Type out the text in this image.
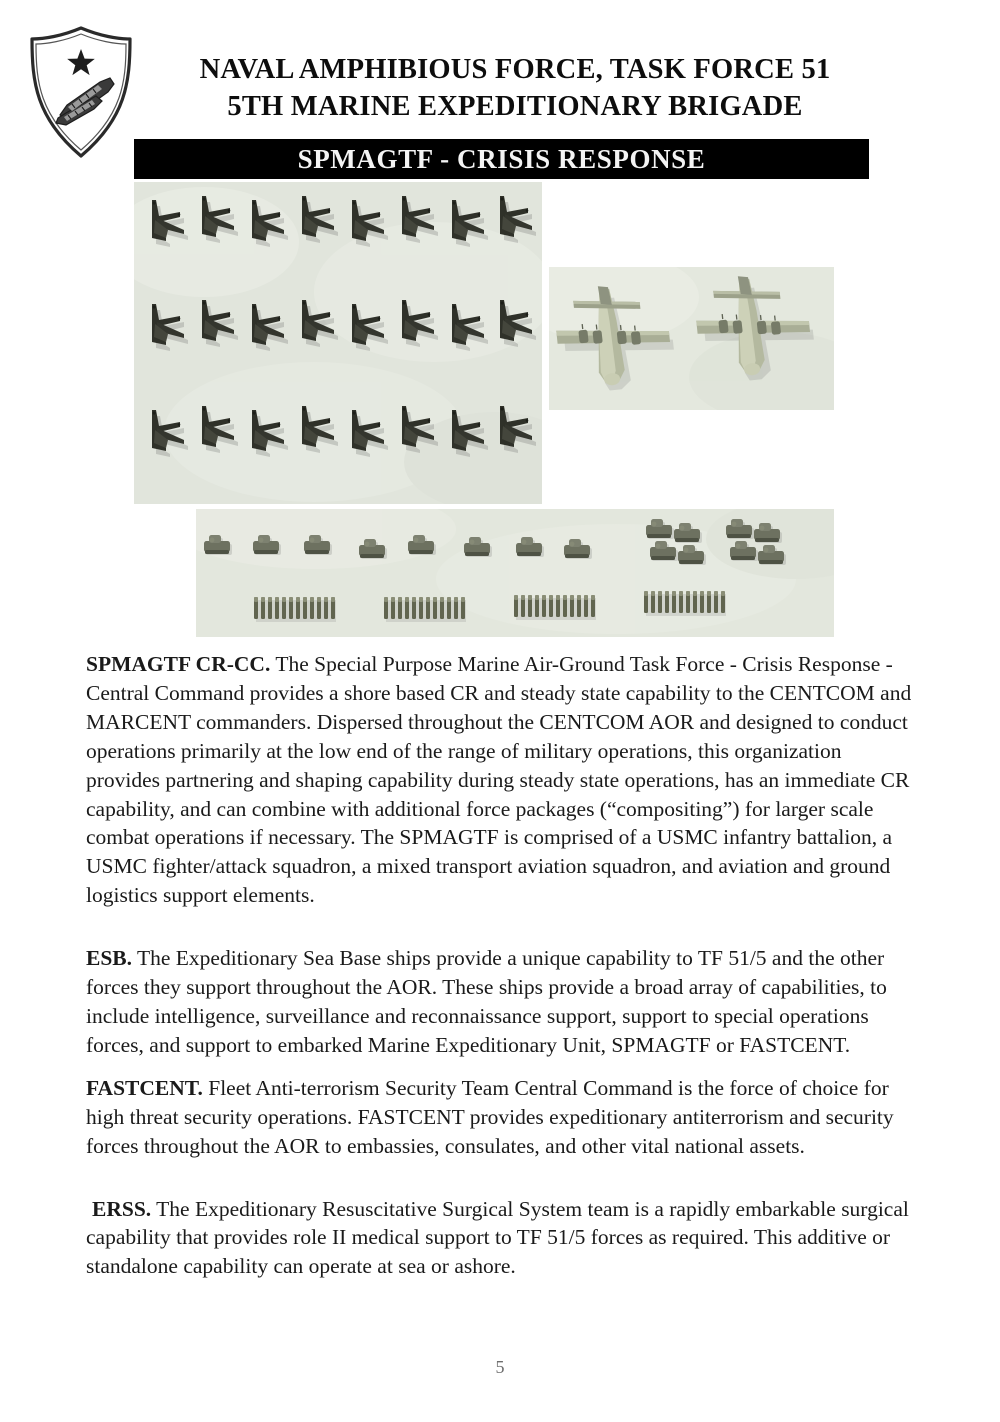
NAVAL AMPHIBIOUS FORCE, TASK FORCE 51
5TH MARINE EXPEDITIONARY BRIGADE
SPMAGTF - CRISIS RESPONSE

SPMAGTF CR-CC. The Special Purpose Marine Air-Ground Task Force - Crisis Response - Central Command provides a shore based CR and steady state capability to the CENTCOM and MARCENT commanders. Dispersed throughout the CENTCOM AOR and designed to conduct operations primarily at the low end of the range of military operations, this organization provides partnering and shaping capability during steady state operations, has an immediate CR capability, and can combine with additional force packages (“compositing”) for larger scale combat operations if necessary. The SPMAGTF is comprised of a USMC infantry battalion, a USMC fighter/attack squadron, a mixed transport aviation squadron, and aviation and ground logistics support elements.

ESB. The Expeditionary Sea Base ships provide a unique capability to TF 51/5 and the other forces they support throughout the AOR. These ships provide a broad array of capabilities, to include intelligence, surveillance and reconnaissance support, support to special operations forces, and support to embarked Marine Expeditionary Unit, SPMAGTF or FASTCENT.

FASTCENT. Fleet Anti-terrorism Security Team Central Command is the force of choice for high threat security operations. FASTCENT provides expeditionary antiterrorism and security forces throughout the AOR to embassies, consulates, and other vital national assets.

ERSS. The Expeditionary Resuscitative Surgical System team is a rapidly embarkable surgical capability that provides role II medical support to TF 51/5 forces as required. This additive or standalone capability can operate at sea or ashore.

5
